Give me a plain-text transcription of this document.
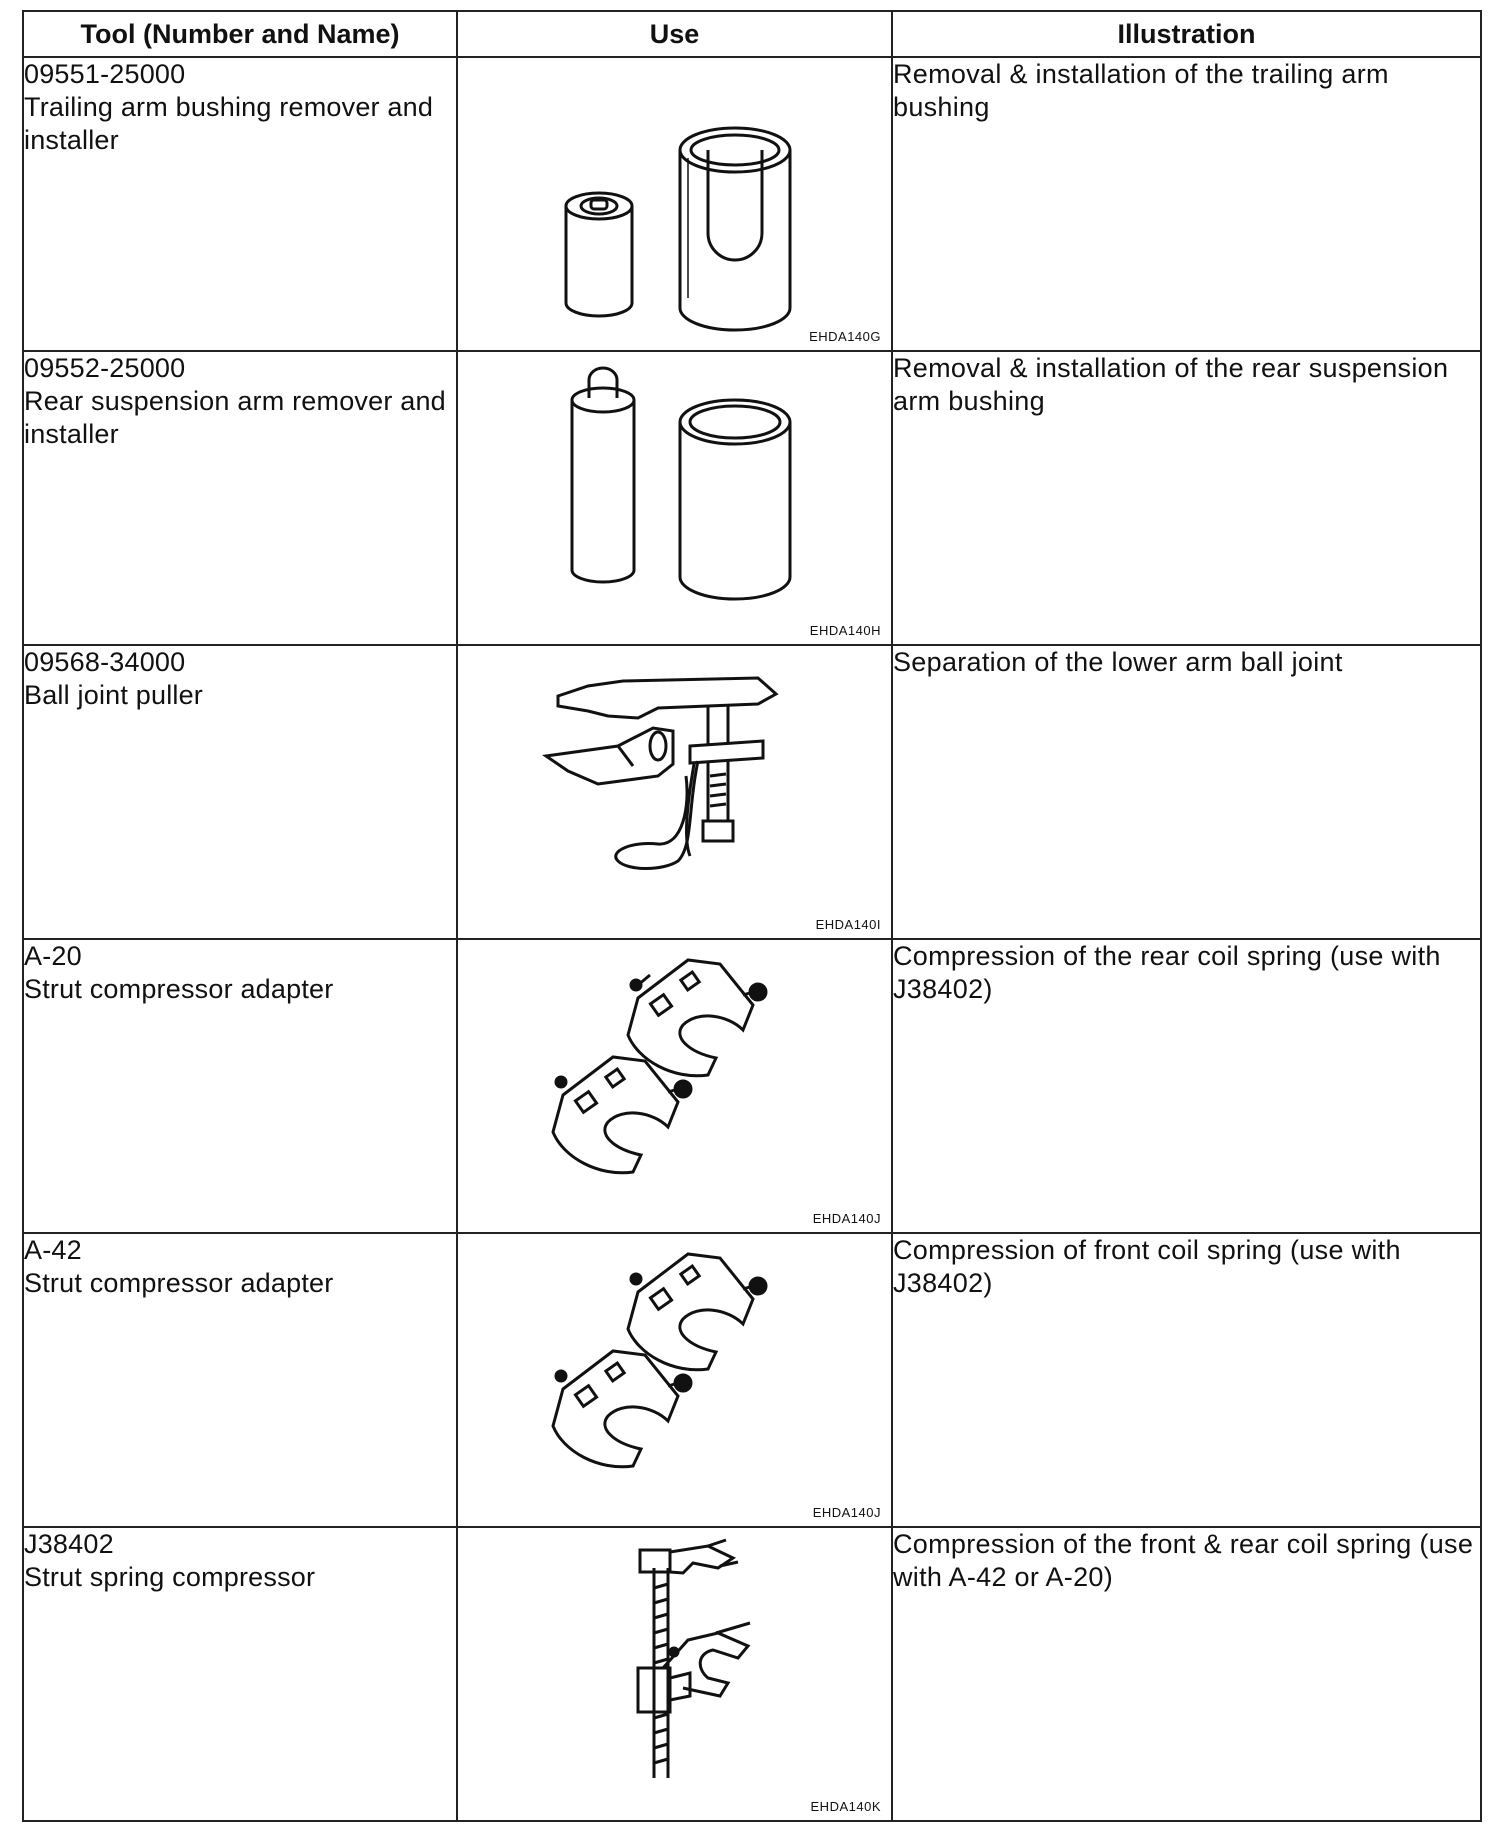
Tool (Number and Name)	Use	Illustration

09551-25000
Trailing arm bushing remover and installer	EHDA140G	Removal & installation of the trailing arm bushing

09552-25000
Rear suspension arm remover and installer	EHDA140H	Removal & installation of the rear suspension arm bushing

09568-34000
Ball joint puller	EHDA140I	Separation of the lower arm ball joint

A-20
Strut compressor adapter	EHDA140J	Compression of the rear coil spring (use with J38402)

A-42
Strut compressor adapter	EHDA140J	Compression of front coil spring (use with J38402)

J38402
Strut spring compressor	EHDA140K	Compression of the front & rear coil spring (use with A-42 or A-20)
